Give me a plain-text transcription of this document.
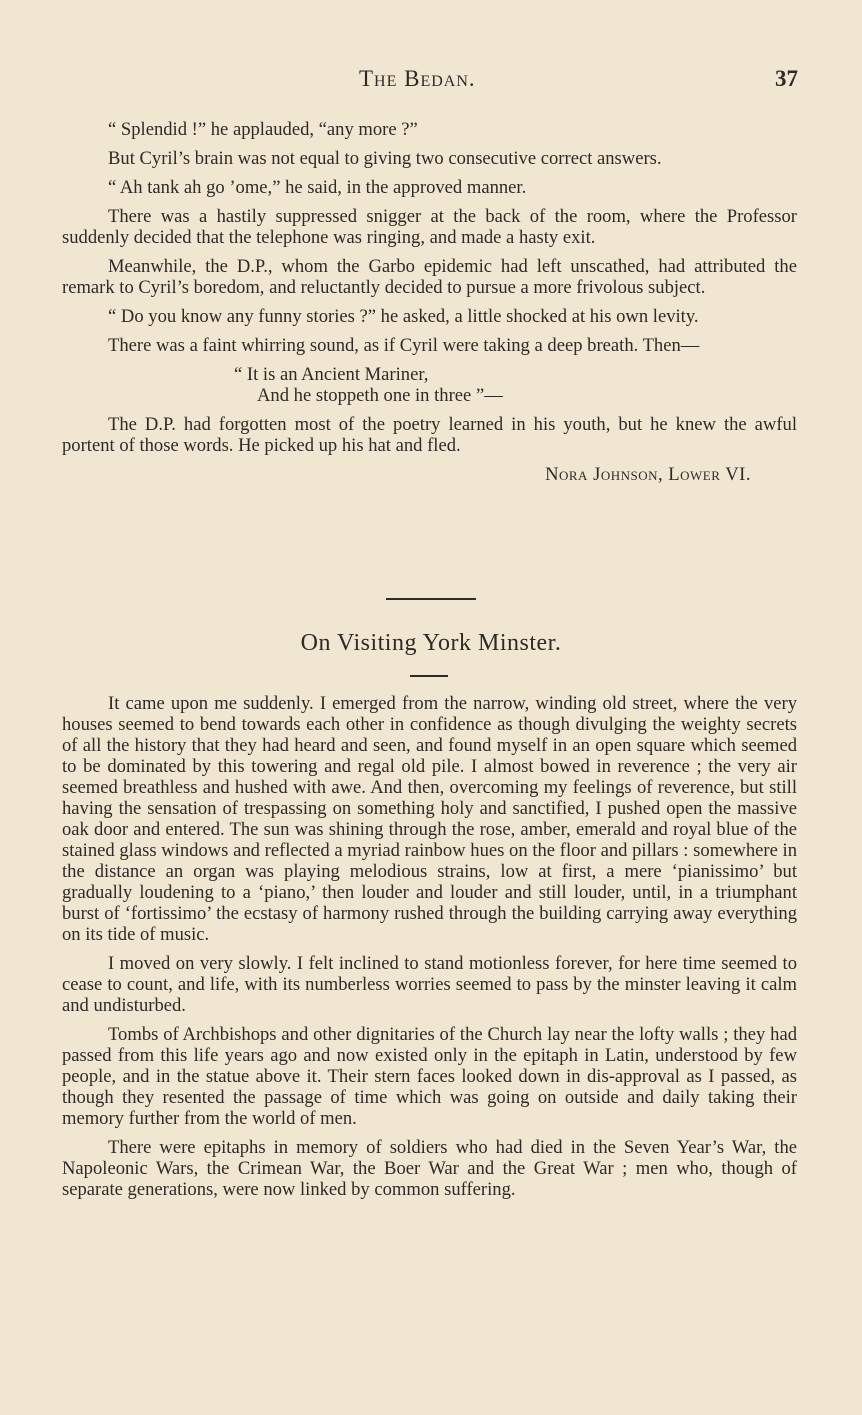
The Bedan.	37

“ Splendid !” he applauded, “any more ?”

But Cyril’s brain was not equal to giving two consecutive correct answers.

“ Ah tank ah go ’ome,” he said, in the approved manner.

There was a hastily suppressed snigger at the back of the room, where the Professor suddenly decided that the telephone was ringing, and made a hasty exit.

Meanwhile, the D.P., whom the Garbo epidemic had left unscathed, had attributed the remark to Cyril’s boredom, and reluctantly decided to pursue a more frivolous subject.

“ Do you know any funny stories ?” he asked, a little shocked at his own levity.

There was a faint whirring sound, as if Cyril were taking a deep breath. Then—

“ It is an Ancient Mariner,
And he stoppeth one in three ”—

The D.P. had forgotten most of the poetry learned in his youth, but he knew the awful portent of those words. He picked up his hat and fled.

Nora Johnson, Lower VI.

On Visiting York Minster.

It came upon me suddenly. I emerged from the narrow, winding old street, where the very houses seemed to bend towards each other in confidence as though divulging the weighty secrets of all the history that they had heard and seen, and found myself in an open square which seemed to be dominated by this towering and regal old pile. I almost bowed in reverence ; the very air seemed breathless and hushed with awe. And then, overcoming my feelings of reverence, but still having the sensation of trespassing on something holy and sanctified, I pushed open the massive oak door and entered. The sun was shining through the rose, amber, emerald and royal blue of the stained glass windows and reflected a myriad rainbow hues on the floor and pillars : somewhere in the distance an organ was playing melodious strains, low at first, a mere ‘pianissimo’ but gradually loudening to a ‘piano,’ then louder and louder and still louder, until, in a triumphant burst of ‘fortissimo’ the ecstasy of harmony rushed through the building carrying away everything on its tide of music.

I moved on very slowly. I felt inclined to stand motionless forever, for here time seemed to cease to count, and life, with its numberless worries seemed to pass by the minster leaving it calm and undisturbed.

Tombs of Archbishops and other dignitaries of the Church lay near the lofty walls ; they had passed from this life years ago and now existed only in the epitaph in Latin, understood by few people, and in the statue above it. Their stern faces looked down in dis-approval as I passed, as though they resented the passage of time which was going on outside and daily taking their memory further from the world of men.

There were epitaphs in memory of soldiers who had died in the Seven Year’s War, the Napoleonic Wars, the Crimean War, the Boer War and the Great War ; men who, though of separate generations, were now linked by common suffering.
